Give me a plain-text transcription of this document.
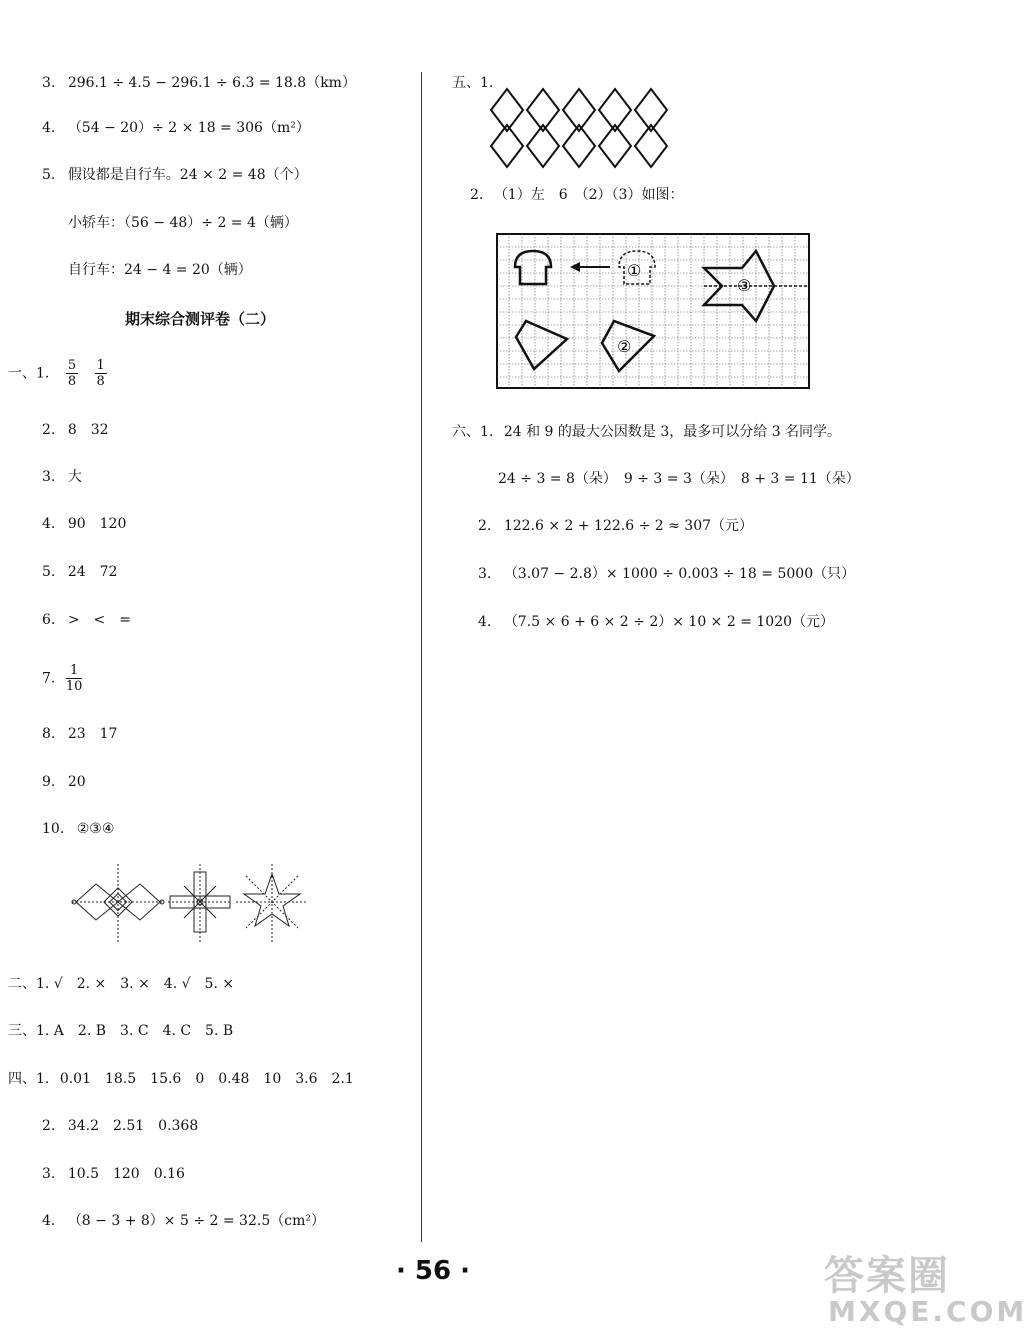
3. 296.1 ÷ 4.5 − 296.1 ÷ 6.3 = 18.8（km）
4. （54 − 20）÷ 2 × 18 = 306（m²）
5. 假设都是自行车。24 × 2 = 48（个）
小轿车：（56 − 48）÷ 2 = 4（辆）
自行车：24 − 4 = 20（辆）
期末综合测评卷（二）
一、1. $\frac{5}{8}$
$\frac{1}{8}$
2. 8　32
3. 大
4. 90　120
5. 24　72
6. >　<　=
7. $\frac{1}{10}$
8. 23　17
9. 20
10. ②③④
二、1. √　2. ×　3. ×　4. √　5. ×
三、1. A　2. B　3. C　4. C　5. B
四、1. 0.01　18.5　15.6　0　0.48　10　3.6　2.1
2. 34.2　2.51　0.368
3. 10.5　120　0.16
4. （8 − 3 + 8）× 5 ÷ 2 = 32.5（cm²）
五、1.
2. （1）左　6　（2）（3）如图：
①
③
②
六、1. 24 和 9 的最大公因数是 3，最多可以分给 3 名同学。
24 ÷ 3 = 8（朵）　9 ÷ 3 = 3（朵）　8 + 3 = 11（朵）
2. 122.6 × 2 + 122.6 ÷ 2 ≈ 307（元）
3. （3.07 − 2.8）× 1000 ÷ 0.003 ÷ 18 = 5000（只）
4. （7.5 × 6 + 6 × 2 ÷ 2）× 10 × 2 = 1020（元）
· 56 ·	答案圈
MXQE.COM
